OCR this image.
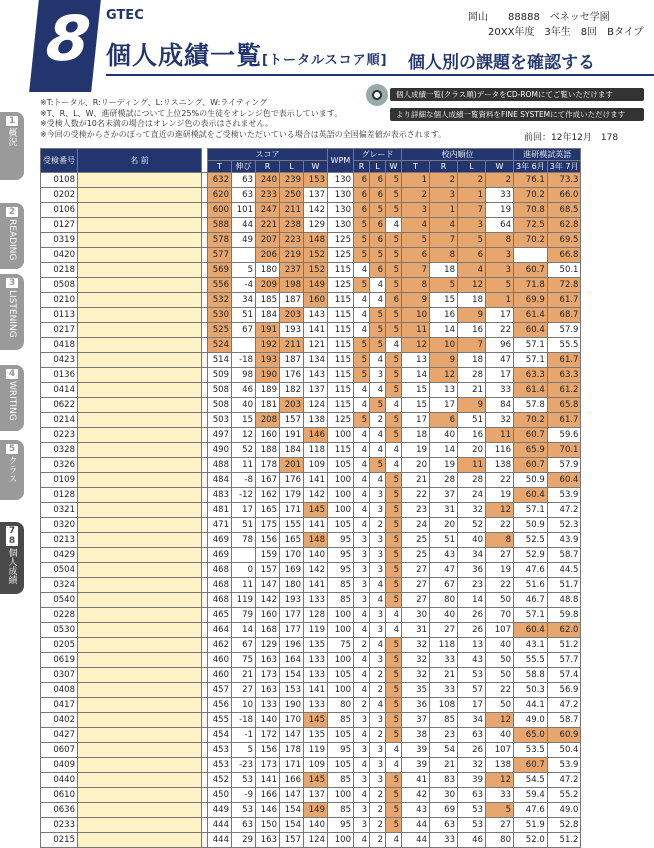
8 GTEC
個人成績一覧[トータルスコア順] 個人別の課題を確認する
岡山　　88888　ベネッセ学園
20XX年度　3年生　8回　Bタイプ
1
概況
2
READING
3
LISTENING
4
WRITING
5
クラス
7 8
個人成績
個人成績一覧(クラス順)データをCD-ROMにてご覧いただけます
より詳細な個人成績一覧資料をFINE SYSTEMにて作成いただけます
※T:トータル、R:リーディング、L:リスニング、W:ライティング
※T、R、L、W、進研模試について上位25%の生徒をオレンジ色で表示しています。
※受検人数が10名未満の場合はオレンジ色の表示はされません。
※今回の受検からさかのぼって直近の進研模試をご受検いただいている場合は英語の全国偏差値が表示されます。	前回：12年12月　178
受検番号	名 前		スコア					WPM	グレード			校内順位				進研模試英語	
			T	伸び	R	L	W		R	L	W	T	R	L	W	3年 6月	3年 7月
0108			632	63	240	239	153	130	6	6	5	1	2	2	2	76.1	73.3
0202			620	63	233	250	137	130	6	6	5	2	3	1	33	70.2	66.0
0106			600	101	247	211	142	130	6	5	5	3	1	7	19	70.8	68.5
0127			588	44	221	238	129	130	5	6	4	4	4	3	64	72.5	62.8
0319			578	49	207	223	148	125	5	6	5	5	7	5	8	70.2	69.5
0420			577		206	219	152	125	5	5	5	6	8	6	3		66.8
0218			569	5	180	237	152	115	4	6	5	7	18	4	3	60.7	50.1
0508			556	-4	209	198	149	125	5	4	5	8	5	12	5	71.8	72.8
0210			532	34	185	187	160	115	4	4	6	9	15	18	1	69.9	61.7
0113			530	51	184	203	143	115	4	5	5	10	16	9	17	61.4	68.7
0217			525	67	191	193	141	115	4	5	5	11	14	16	22	60.4	57.9
0418			524		192	211	121	115	5	5	4	12	10	7	96	57.1	55.5
0423			514	-18	193	187	134	115	5	4	5	13	9	18	47	57.1	61.7
0136			509	98	190	176	143	115	5	3	5	14	12	28	17	63.3	63.3
0414			508	46	189	182	137	115	4	4	5	15	13	21	33	61.4	61.2
0622			508	40	181	203	124	115	4	5	4	15	17	9	84	57.8	65.8
0214			503	15	208	157	138	125	5	2	5	17	6	51	32	70.2	61.7
0223			497	12	160	191	146	100	4	4	5	18	40	16	11	60.7	59.6
0328			490	52	188	184	118	115	4	4	4	19	14	20	116	65.9	70.1
0326			488	11	178	201	109	105	4	5	4	20	19	11	138	60.7	57.9
0109			484	-8	167	176	141	100	4	4	5	21	28	28	22	50.9	60.4
0128			483	-12	162	179	142	100	4	3	5	22	37	24	19	60.4	53.9
0321			481	17	165	171	145	100	4	3	5	23	31	32	12	57.1	47.2
0320			471	51	175	155	141	105	4	2	5	24	20	52	22	50.9	52.3
0213			469	78	156	165	148	95	3	3	5	25	51	40	8	52.5	43.9
0429			469		159	170	140	95	3	3	5	25	43	34	27	52.9	58.7
0504			468	0	157	169	142	95	3	3	5	27	47	36	19	47.6	44.5
0324			468	11	147	180	141	85	3	4	5	27	67	23	22	51.6	51.7
0540			468	119	142	193	133	85	3	4	5	27	80	14	50	46.7	48.8
0228			465	79	160	177	128	100	4	3	4	30	40	26	70	57.1	59.8
0530			464	14	168	177	119	100	4	3	4	31	27	26	107	60.4	62.0
0205			462	67	129	196	135	75	2	4	5	32	118	13	40	43.1	51.2
0619			460	75	163	164	133	100	4	3	5	32	33	43	50	55.5	57.7
0307			460	21	173	154	133	105	4	2	5	32	21	53	50	58.8	57.4
0408			457	27	163	153	141	100	4	2	5	35	33	57	22	50.3	56.9
0417			456	10	133	190	133	80	2	4	5	36	108	17	50	44.1	47.2
0402			455	-18	140	170	145	85	3	3	5	37	85	34	12	49.0	58.7
0427			454	-1	172	147	135	105	4	2	5	38	23	63	40	65.0	60.9
0607			453	5	156	178	119	95	3	3	4	39	54	26	107	53.5	50.4
0409			453	-23	173	171	109	105	4	3	4	39	21	32	138	60.7	53.9
0440			452	53	141	166	145	85	3	3	5	41	83	39	12	54.5	47.2
0610			450	-9	166	147	137	100	4	2	5	42	30	63	33	59.4	55.2
0636			449	53	146	154	149	85	3	2	5	43	69	53	5	47.6	49.0
0233			444	63	150	154	140	95	3	2	5	44	63	53	27	51.9	52.8
0215			444	29	163	157	124	100	4	2	4	44	33	46	80	52.0	51.2
